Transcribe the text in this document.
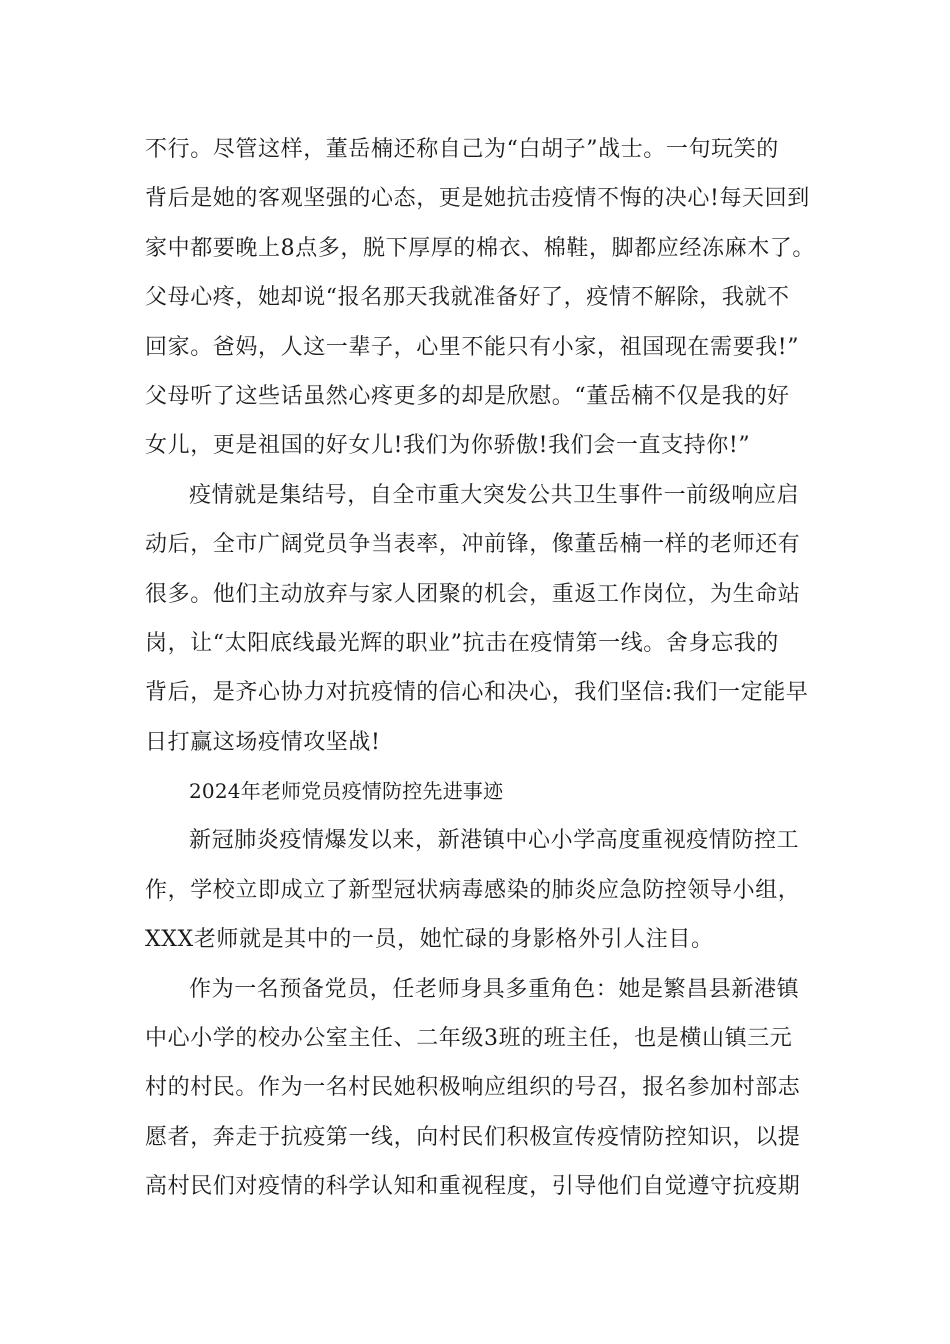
不行。尽管这样，董岳楠还称自己为“白胡子”战士。一句玩笑的
背后是她的客观坚强的心态，更是她抗击疫情不悔的决心!每天回到
家中都要晚上8点多，脱下厚厚的棉衣、棉鞋，脚都应经冻麻木了。
父母心疼，她却说“报名那天我就准备好了，疫情不解除，我就不
回家。爸妈，人这一辈子，心里不能只有小家，祖国现在需要我!”
父母听了这些话虽然心疼更多的却是欣慰。“董岳楠不仅是我的好
女儿，更是祖国的好女儿!我们为你骄傲!我们会一直支持你!”
疫情就是集结号，自全市重大突发公共卫生事件一前级响应启
动后，全市广阔党员争当表率，冲前锋，像董岳楠一样的老师还有
很多。他们主动放弃与家人团聚的机会，重返工作岗位，为生命站
岗，让“太阳底线最光辉的职业”抗击在疫情第一线。舍身忘我的
背后，是齐心协力对抗疫情的信心和决心，我们坚信:我们一定能早
日打赢这场疫情攻坚战!
2024年老师党员疫情防控先进事迹
新冠肺炎疫情爆发以来，新港镇中心小学高度重视疫情防控工
作，学校立即成立了新型冠状病毒感染的肺炎应急防控领导小组，
XXX老师就是其中的一员，她忙碌的身影格外引人注目。
作为一名预备党员，任老师身具多重角色：她是繁昌县新港镇
中心小学的校办公室主任、二年级3班的班主任，也是横山镇三元
村的村民。作为一名村民她积极响应组织的号召，报名参加村部志
愿者，奔走于抗疫第一线，向村民们积极宣传疫情防控知识，以提
高村民们对疫情的科学认知和重视程度，引导他们自觉遵守抗疫期
